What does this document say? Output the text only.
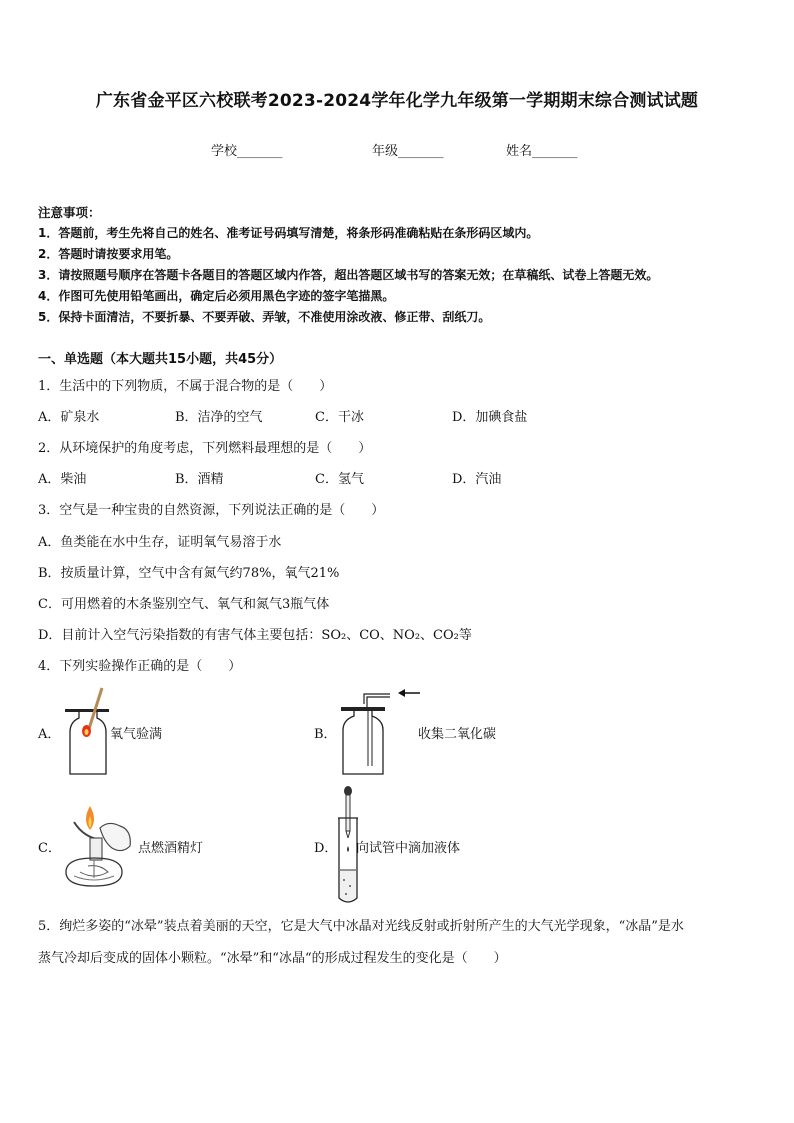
广东省金平区六校联考2023-2024学年化学九年级第一学期期末综合测试试题
学校_______	年级_______	姓名_______
注意事项：
1．答题前，考生先将自己的姓名、准考证号码填写清楚，将条形码准确粘贴在条形码区域内。
2．答题时请按要求用笔。
3．请按照题号顺序在答题卡各题目的答题区域内作答，超出答题区域书写的答案无效；在草稿纸、试卷上答题无效。
4．作图可先使用铅笔画出，确定后必须用黑色字迹的签字笔描黑。
5．保持卡面清洁，不要折暴、不要弄破、弄皱，不准使用涂改液、修正带、刮纸刀。
一、单选题（本大题共15小题，共45分）
1．生活中的下列物质，不属于混合物的是（　　）
A．矿泉水	B．洁净的空气	C．干冰	D．加碘食盐
2．从环境保护的角度考虑，下列燃料最理想的是（　　）
A．柴油	B．酒精	C．氢气	D．汽油
3．空气是一种宝贵的自然资源，下列说法正确的是（　　）
A．鱼类能在水中生存，证明氧气易溶于水
B．按质量计算，空气中含有氮气约78%，氧气21%
C．可用燃着的木条鉴别空气、氧气和氮气3瓶气体
D．目前计入空气污染指数的有害气体主要包括：SO₂、CO、NO₂、CO₂等
4．下列实验操作正确的是（　　）
A．	氧气验满	B．	收集二氧化碳
C．	点燃酒精灯	D． 向试管中滴加液体
5．绚烂多姿的“冰晕”装点着美丽的天空，它是大气中冰晶对光线反射或折射所产生的大气光学现象，“冰晶”是水
蒸气冷却后变成的固体小颗粒。“冰晕”和“冰晶“的形成过程发生的变化是（　　）
